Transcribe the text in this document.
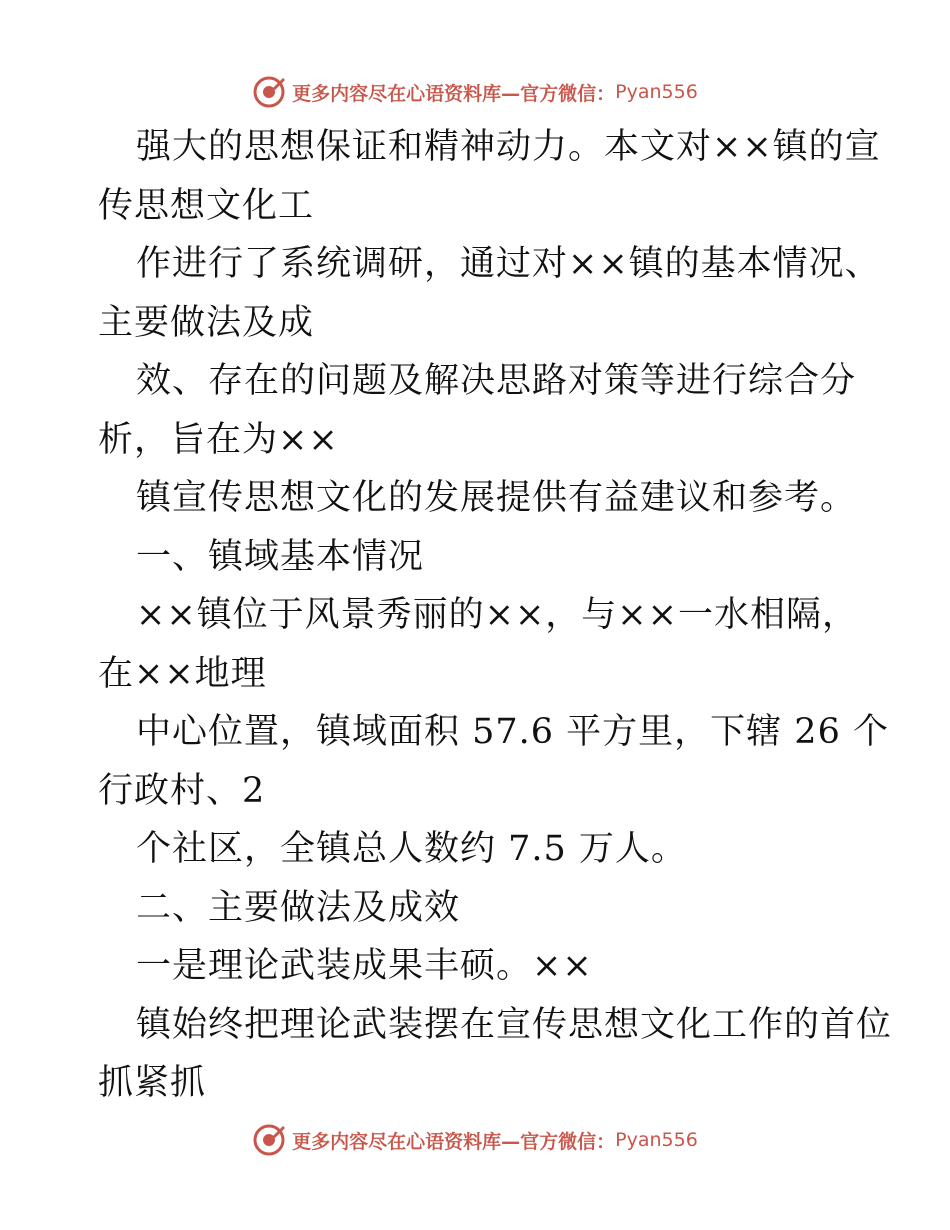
更多内容尽在心语资料库—官方微信： Pyan556
强大的思想保证和精神动力。本文对××镇的宣
传思想文化工
作进行了系统调研，通过对××镇的基本情况、
主要做法及成
效、存在的问题及解决思路对策等进行综合分
析，旨在为××
镇宣传思想文化的发展提供有益建议和参考。
一、镇域基本情况
××镇位于风景秀丽的××，与××一水相隔，
在××地理
中心位置，镇域面积 57.6 平方里，下辖 26 个
行政村、2
个社区，全镇总人数约 7.5 万人。
二、主要做法及成效
一是理论武装成果丰硕。××
镇始终把理论武装摆在宣传思想文化工作的首位
抓紧抓
更多内容尽在心语资料库—官方微信： Pyan556
